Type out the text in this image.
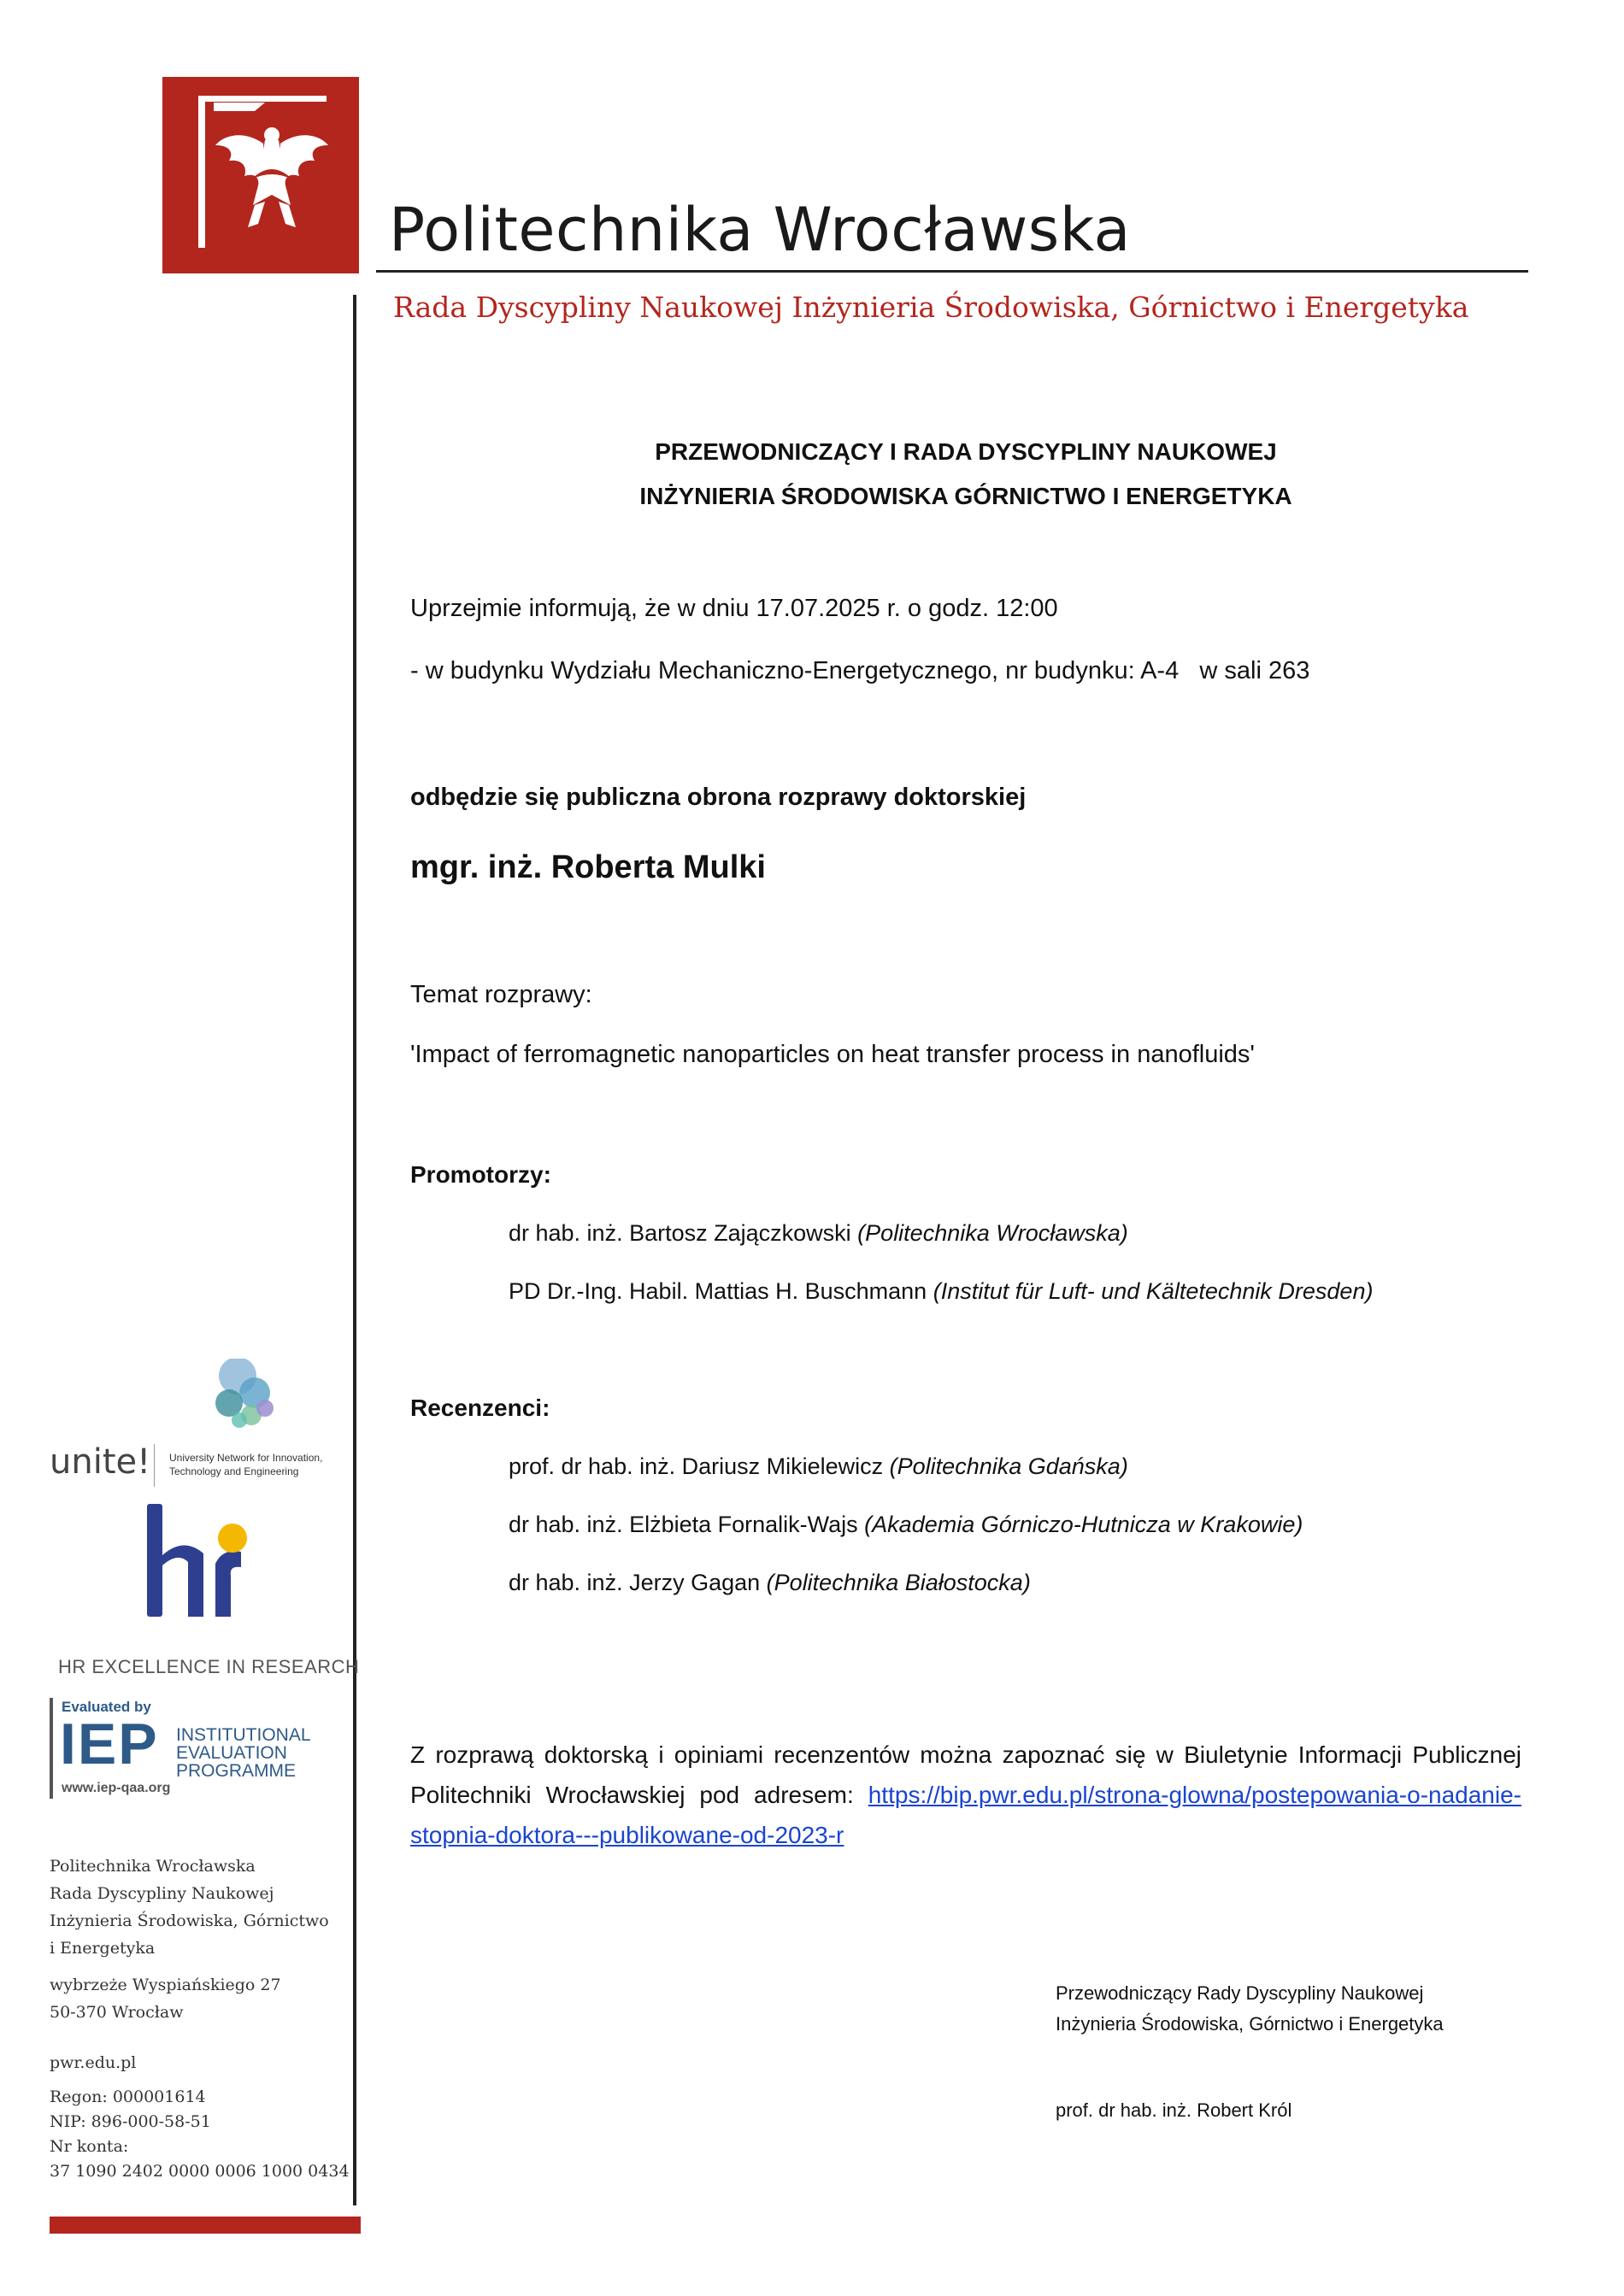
Politechnika Wrocławska
Rada Dyscypliny Naukowej Inżynieria Środowiska, Górnictwo i Energetyka
PRZEWODNICZĄCY I RADA DYSCYPLINY NAUKOWEJ
INŻYNIERIA ŚRODOWISKA GÓRNICTWO I ENERGETYKA
Uprzejmie informują, że w dniu 17.07.2025 r. o godz. 12:00
- w budynku Wydziału Mechaniczno-Energetycznego, nr budynku: A-4   w sali 263
odbędzie się publiczna obrona rozprawy doktorskiej
mgr. inż. Roberta Mulki
Temat rozprawy:
'Impact of ferromagnetic nanoparticles on heat transfer process in nanofluids'
Promotorzy:
dr hab. inż. Bartosz Zajączkowski (Politechnika Wrocławska)
PD Dr.-Ing. Habil. Mattias H. Buschmann (Institut für Luft- und Kältetechnik Dresden)
Recenzenci:
prof. dr hab. inż. Dariusz Mikielewicz (Politechnika Gdańska)
dr hab. inż. Elżbieta Fornalik-Wajs (Akademia Górniczo-Hutnicza w Krakowie)
dr hab. inż. Jerzy Gagan (Politechnika Białostocka)
Z rozprawą doktorską i opiniami recenzentów można zapoznać się w Biuletynie Informacji Publicznej Politechniki Wrocławskiej pod adresem: https://bip.pwr.edu.pl/strona-glowna/postepowania-o-nadanie-stopnia-doktora---publikowane-od-2023-r
Przewodniczący Rady Dyscypliny Naukowej
Inżynieria Środowiska, Górnictwo i Energetyka
prof. dr hab. inż. Robert Król
unite! University Network for Innovation,
Technology and Engineering
HR EXCELLENCE IN RESEARCH
Evaluated by
IEP INSTITUTIONAL
EVALUATION
PROGRAMME
www.iep-qaa.org
Politechnika Wrocławska
Rada Dyscypliny Naukowej
Inżynieria Środowiska, Górnictwo
i Energetyka
wybrzeże Wyspiańskiego 27
50-370 Wrocław
pwr.edu.pl
Regon: 000001614
NIP: 896-000-58-51
Nr konta:
37 1090 2402 0000 0006 1000 0434
